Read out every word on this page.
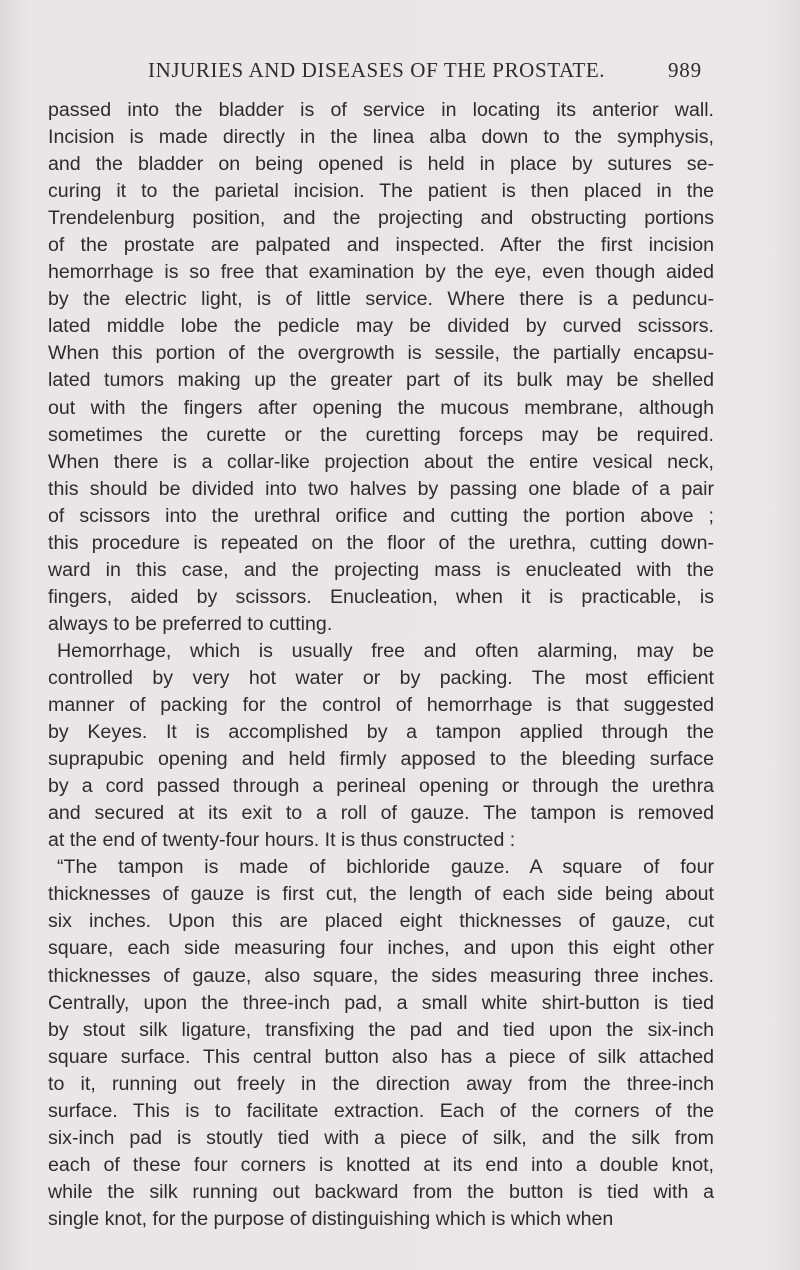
INJURIES AND DISEASES OF THE PROSTATE.	989
passed into the bladder is of service in locating its anterior wall.
Incision is made directly in the linea alba down to the symphysis,
and the bladder on being opened is held in place by sutures se-
curing it to the parietal incision. The patient is then placed in the
Trendelenburg position, and the projecting and obstructing portions
of the prostate are palpated and inspected. After the first incision
hemorrhage is so free that examination by the eye, even though aided
by the electric light, is of little service. Where there is a peduncu-
lated middle lobe the pedicle may be divided by curved scissors.
When this portion of the overgrowth is sessile, the partially encapsu-
lated tumors making up the greater part of its bulk may be shelled
out with the fingers after opening the mucous membrane, although
sometimes the curette or the curetting forceps may be required.
When there is a collar-like projection about the entire vesical neck,
this should be divided into two halves by passing one blade of a pair
of scissors into the urethral orifice and cutting the portion above ;
this procedure is repeated on the floor of the urethra, cutting down-
ward in this case, and the projecting mass is enucleated with the
fingers, aided by scissors. Enucleation, when it is practicable, is
always to be preferred to cutting.
Hemorrhage, which is usually free and often alarming, may be
controlled by very hot water or by packing. The most efficient
manner of packing for the control of hemorrhage is that suggested
by Keyes. It is accomplished by a tampon applied through the
suprapubic opening and held firmly apposed to the bleeding surface
by a cord passed through a perineal opening or through the urethra
and secured at its exit to a roll of gauze. The tampon is removed
at the end of twenty-four hours. It is thus constructed :
“The tampon is made of bichloride gauze. A square of four
thicknesses of gauze is first cut, the length of each side being about
six inches. Upon this are placed eight thicknesses of gauze, cut
square, each side measuring four inches, and upon this eight other
thicknesses of gauze, also square, the sides measuring three inches.
Centrally, upon the three-inch pad, a small white shirt-button is tied
by stout silk ligature, transfixing the pad and tied upon the six-inch
square surface. This central button also has a piece of silk attached
to it, running out freely in the direction away from the three-inch
surface. This is to facilitate extraction. Each of the corners of the
six-inch pad is stoutly tied with a piece of silk, and the silk from
each of these four corners is knotted at its end into a double knot,
while the silk running out backward from the button is tied with a
single knot, for the purpose of distinguishing which is which when
